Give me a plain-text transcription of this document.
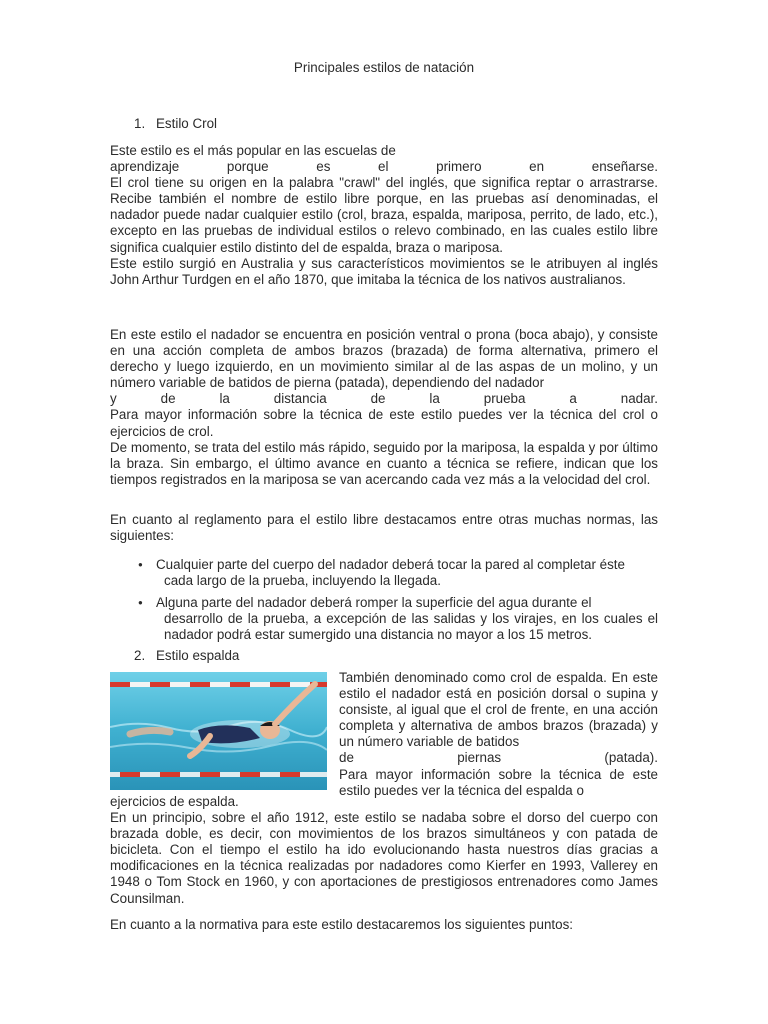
Principales estilos de natación
1. Estilo Crol

Este estilo es el más popular en las escuelas de

aprendizaje porque es el primero en enseñarse.

El crol tiene su origen en la palabra "crawl" del inglés, que significa reptar o arrastrarse. Recibe también el nombre de estilo libre porque, en las pruebas así denominadas, el nadador puede nadar cualquier estilo (crol, braza, espalda, mariposa, perrito, de lado, etc.), excepto en las pruebas de individual estilos o relevo combinado, en las cuales estilo libre significa cualquier estilo distinto del de espalda, braza o mariposa.

Este estilo surgió en Australia y sus característicos movimientos se le atribuyen al inglés John Arthur Turdgen en el año 1870, que imitaba la técnica de los nativos australianos.

En este estilo el nadador se encuentra en posición ventral o prona (boca abajo), y consiste en una acción completa de ambos brazos (brazada) de forma alternativa, primero el derecho y luego izquierdo, en un movimiento similar al de las aspas de un molino, y un número variable de batidos de pierna (patada), dependiendo del nadador

y de la distancia de la prueba a nadar.

Para mayor información sobre la técnica de este estilo puedes ver la técnica del crol o ejercicios de crol.

De momento, se trata del estilo más rápido, seguido por la mariposa, la espalda y por último la braza. Sin embargo, el último avance en cuanto a técnica se refiere, indican que los tiempos registrados en la mariposa se van acercando cada vez más a la velocidad del crol.

En cuanto al reglamento para el estilo libre destacamos entre otras muchas normas, las siguientes:
● Cualquier parte del cuerpo del nadador deberá tocar la pared al completar éste
cada largo de la prueba, incluyendo la llegada.
● Alguna parte del nadador deberá romper la superficie del agua durante el
desarrollo de la prueba, a excepción de las salidas y los virajes, en los cuales el nadador podrá estar sumergido una distancia no mayor a los 15 metros.
2. Estilo espalda
También denominado como crol de espalda. En este estilo el nadador está en posición dorsal o supina y consiste, al igual que el crol de frente, en una acción completa y alternativa de ambos brazos (brazada) y un número variable de batidos
de	piernas	(patada).
Para mayor información sobre la técnica de este estilo puedes ver la técnica del espalda o

ejercicios de espalda.

En un principio, sobre el año 1912, este estilo se nadaba sobre el dorso del cuerpo con brazada doble, es decir, con movimientos de los brazos simultáneos y con patada de bicicleta. Con el tiempo el estilo ha ido evolucionando hasta nuestros días gracias a modificaciones en la técnica realizadas por nadadores como Kierfer en 1993, Vallerey en 1948 o Tom Stock en 1960, y con aportaciones de prestigiosos entrenadores como James Counsilman.

En cuanto a la normativa para este estilo destacaremos los siguientes puntos:
